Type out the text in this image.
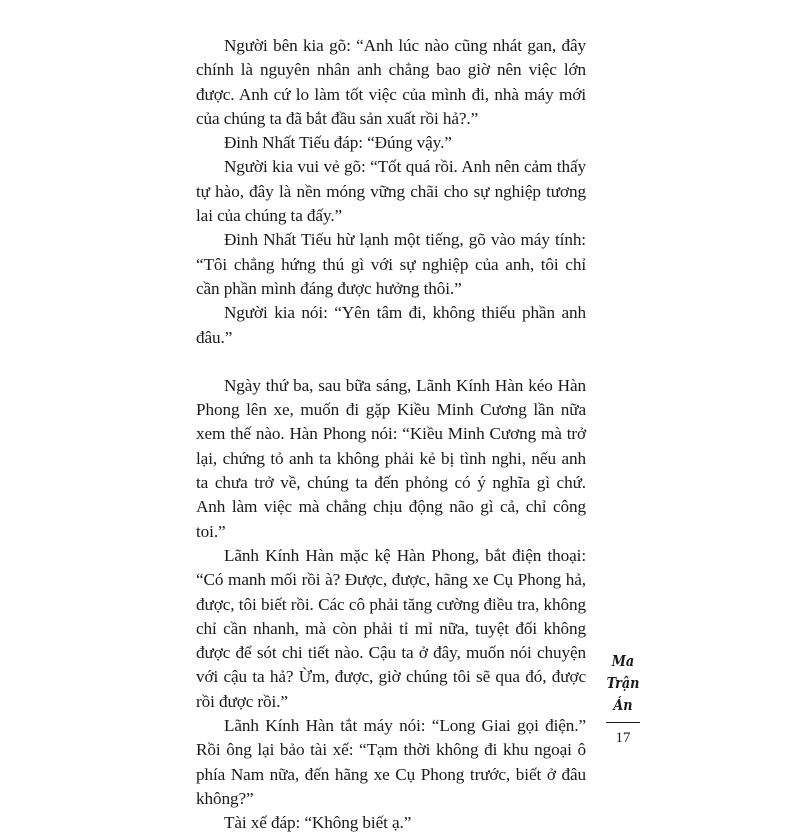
Người bên kia gõ: “Anh lúc nào cũng nhát gan, đây chính là nguyên nhân anh chẳng bao giờ nên việc lớn được. Anh cứ lo làm tốt việc của mình đi, nhà máy mới của chúng ta đã bắt đầu sản xuất rồi hả?.”

Đinh Nhất Tiếu đáp: “Đúng vậy.”

Người kia vui vẻ gõ: “Tốt quá rồi. Anh nên cảm thấy tự hào, đây là nền móng vững chãi cho sự nghiệp tương lai của chúng ta đấy.”

Đinh Nhất Tiếu hừ lạnh một tiếng, gõ vào máy tính: “Tôi chẳng hứng thú gì với sự nghiệp của anh, tôi chỉ cần phần mình đáng được hưởng thôi.”

Người kia nói: “Yên tâm đi, không thiếu phần anh đâu.”

Ngày thứ ba, sau bữa sáng, Lãnh Kính Hàn kéo Hàn Phong lên xe, muốn đi gặp Kiều Minh Cương lần nữa xem thế nào. Hàn Phong nói: “Kiều Minh Cương mà trở lại, chứng tỏ anh ta không phải kẻ bị tình nghi, nếu anh ta chưa trở về, chúng ta đến phỏng có ý nghĩa gì chứ. Anh làm việc mà chẳng chịu động não gì cả, chỉ công toi.”

Lãnh Kính Hàn mặc kệ Hàn Phong, bắt điện thoại: “Có manh mối rồi à? Được, được, hãng xe Cụ Phong hả, được, tôi biết rồi. Các cô phải tăng cường điều tra, không chỉ cần nhanh, mà còn phải tỉ mỉ nữa, tuyệt đối không được để sót chi tiết nào. Cậu ta ở đây, muốn nói chuyện với cậu ta hả? Ừm, được, giờ chúng tôi sẽ qua đó, được rồi được rồi.”

Lãnh Kính Hàn tắt máy nói: “Long Giai gọi điện.” Rồi ông lại bảo tài xế: “Tạm thời không đi khu ngoại ô phía Nam nữa, đến hãng xe Cụ Phong trước, biết ở đâu không?”

Tài xế đáp: “Không biết ạ.”

Ma
Trận
Án
17
